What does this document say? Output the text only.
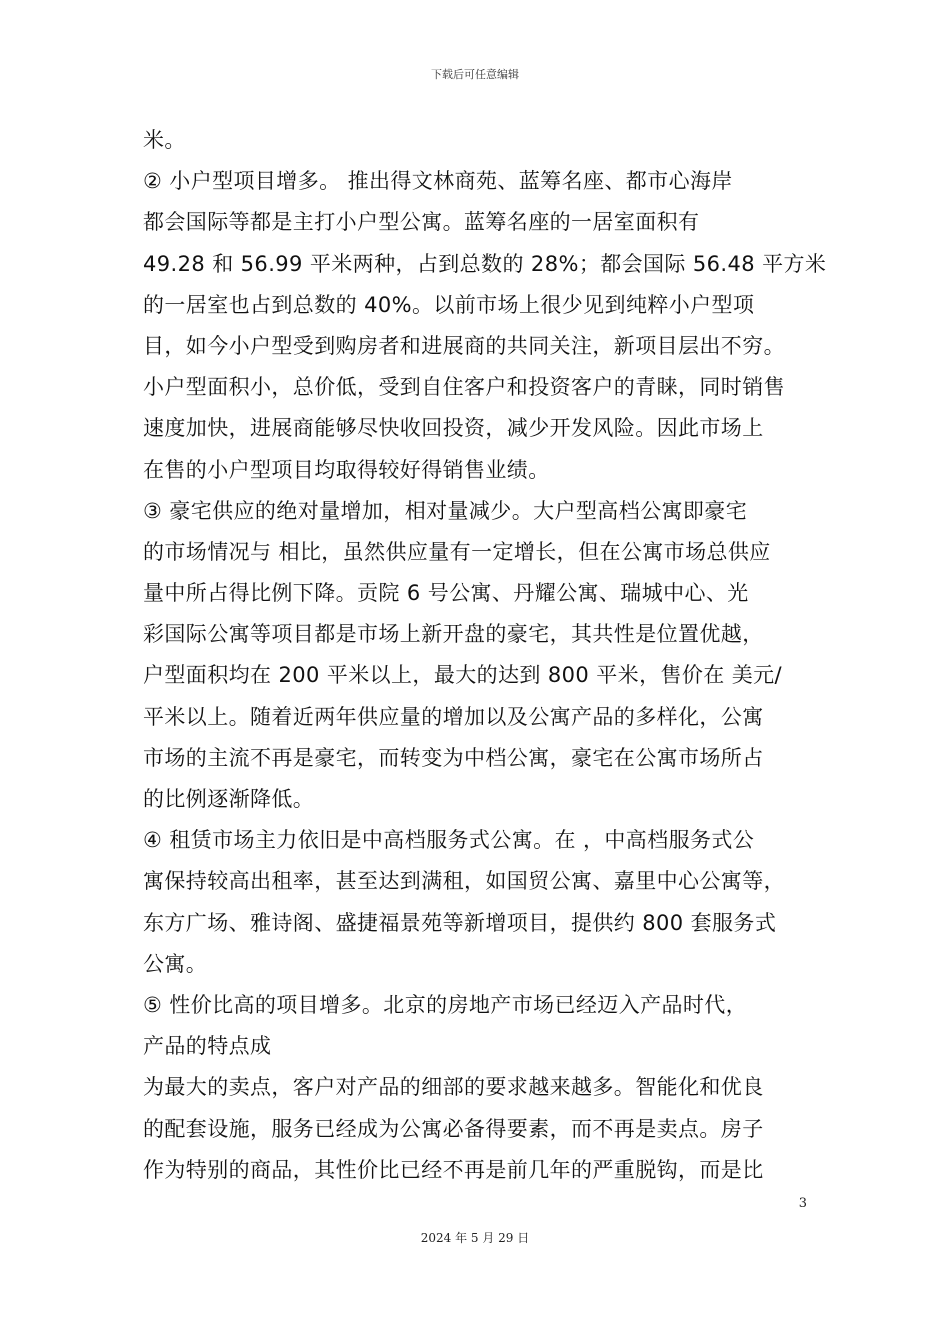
下载后可任意编辑
米。
② 小户型项目增多。 推出得文林商苑、蓝筹名座、都市心海岸
都会国际等都是主打小户型公寓。蓝筹名座的一居室面积有
49.28 和 56.99 平米两种，占到总数的 28%；都会国际 56.48 平方米
的一居室也占到总数的 40%。以前市场上很少见到纯粹小户型项
目，如今小户型受到购房者和进展商的共同关注，新项目层出不穷。
小户型面积小，总价低，受到自住客户和投资客户的青睐，同时销售
速度加快，进展商能够尽快收回投资，减少开发风险。因此市场上
在售的小户型项目均取得较好得销售业绩。
③ 豪宅供应的绝对量增加，相对量减少。大户型高档公寓即豪宅
的市场情况与 相比，虽然供应量有一定增长，但在公寓市场总供应
量中所占得比例下降。贡院 6 号公寓、丹耀公寓、瑞城中心、光
彩国际公寓等项目都是市场上新开盘的豪宅，其共性是位置优越，
户型面积均在 200 平米以上，最大的达到 800 平米，售价在 美元/
平米以上。随着近两年供应量的增加以及公寓产品的多样化，公寓
市场的主流不再是豪宅，而转变为中档公寓，豪宅在公寓市场所占
的比例逐渐降低。
④ 租赁市场主力依旧是中高档服务式公寓。在 ，中高档服务式公
寓保持较高出租率，甚至达到满租，如国贸公寓、嘉里中心公寓等，
东方广场、雅诗阁、盛捷福景苑等新增项目，提供约 800 套服务式
公寓。
⑤ 性价比高的项目增多。北京的房地产市场已经迈入产品时代，
产品的特点成
为最大的卖点，客户对产品的细部的要求越来越多。智能化和优良
的配套设施，服务已经成为公寓必备得要素，而不再是卖点。房子
作为特别的商品，其性价比已经不再是前几年的严重脱钩，而是比
3
2024 年 5 月 29 日
